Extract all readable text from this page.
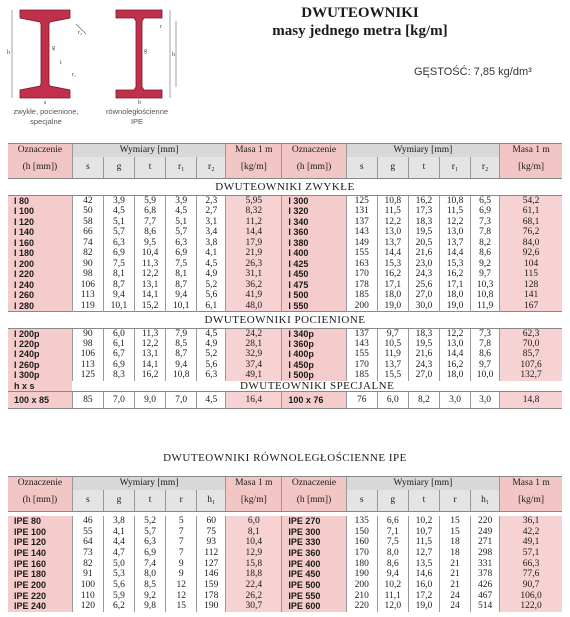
DWUTEOWNIKI
masy jednego metra [kg/m]
GĘSTOŚĆ: 7,85 kg/dm³
h
g
t
r₁
r₂
s
g
r
h
b
zwykłe, pocienione,
specjalne
równoległościenne
IPE
Oznaczenie	Wymiary [mm]					Masa 1 m	Oznaczenie	Wymiary [mm]					Masa 1 m
(h [mm])	s	g	t	r₁	r₂	[kg/m]	(h [mm])	s	g	t	r₁	r₂	[kg/m]
DWUTEOWNIKI ZWYKŁE													
I 80	42	3,9	5,9	3,9	2,3	5,95	I 300	125	10,8	16,2	10,8	6,5	54,2
I 100	50	4,5	6,8	4,5	2,7	8,32	I 320	131	11,5	17,3	11,5	6,9	61,1
I 120	58	5,1	7,7	5,1	3,1	11,2	I 340	137	12,2	18,3	12,2	7,3	68,1
I 140	66	5,7	8,6	5,7	3,4	14,4	I 360	143	13,0	19,5	13,0	7,8	76,2
I 160	74	6,3	9,5	6,3	3,8	17,9	I 380	149	13,7	20,5	13,7	8,2	84,0
I 180	82	6,9	10,4	6,9	4,1	21,9	I 400	155	14,4	21,6	14,4	8,6	92,6
I 200	90	7,5	11,3	7,5	4,5	26,3	I 425	163	15,3	23,0	15,3	9,2	104
I 220	98	8,1	12,2	8,1	4,9	31,1	I 450	170	16,2	24,3	16,2	9,7	115
I 240	106	8,7	13,1	8,7	5,2	36,2	I 475	178	17,1	25,6	17,1	10,3	128
I 260	113	9,4	14,1	9,4	5,6	41,9	I 500	185	18,0	27,0	18,0	10,8	141
I 280	119	10,1	15,2	10,1	6,1	48,0	I 550	200	19,0	30,0	19,0	11,9	167
DWUTEOWNIKI POCIENIONE													
I 200p	90	6,0	11,3	7,9	4,5	24,2	I 340p	137	9,7	18,3	12,2	7,3	62,3
I 220p	98	6,1	12,2	8,5	4,9	28,1	I 360p	143	10,5	19,5	13,0	7,8	70,0
I 240p	106	6,7	13,1	8,7	5,2	32,9	I 400p	155	11,9	21,6	14,4	8,6	85,7
I 260p	113	6,9	14,1	9,4	5,6	37,4	I 450p	170	13,7	24,3	16,2	9,7	107,6
I 300p	125	8,3	16,2	10,8	6,3	49,1	I 500p	185	15,5	27,0	18,0	10,0	132,7
h x s	DWUTEOWNIKI SPECJALNE												
100 x 85	85	7,0	9,0	7,0	4,5	16,4	100 x 76	76	6,0	8,2	3,0	3,0	14,8
Oznaczenie	Wymiary [mm]					Masa 1 m	Oznaczenie	Wymiary [mm]					Masa 1 m
(h [mm])	s	g	t	r	h₁	[kg/m]	(h [mm])	s	g	t	r	h₁	[kg/m]

IPE 80	46	3,8	5,2	5	60	6,0	IPE 270	135	6,6	10,2	15	220	36,1
IPE 100	55	4,1	5,7	7	75	8,1	IPE 300	150	7,1	10,7	15	249	42,2
IPE 120	64	4,4	6,3	7	93	10,4	IPE 330	160	7,5	11,5	18	271	49,1
IPE 140	73	4,7	6,9	7	112	12,9	IPE 360	170	8,0	12,7	18	298	57,1
IPE 160	82	5,0	7,4	9	127	15,8	IPE 400	180	8,6	13,5	21	331	66,3
IPE 180	91	5,3	8,0	9	146	18,8	IPE 450	190	9,4	14,6	21	378	77,6
IPE 200	100	5,6	8,5	12	159	22,4	IPE 500	200	10,2	16,0	21	426	90,7
IPE 220	110	5,9	9,2	12	178	26,2	IPE 550	210	11,1	17,2	24	467	106,0
IPE 240	120	6,2	9,8	15	190	30,7	IPE 600	220	12,0	19,0	24	514	122,0
DWUTEOWNIKI RÓWNOLEGŁOŚCIENNE IPE
